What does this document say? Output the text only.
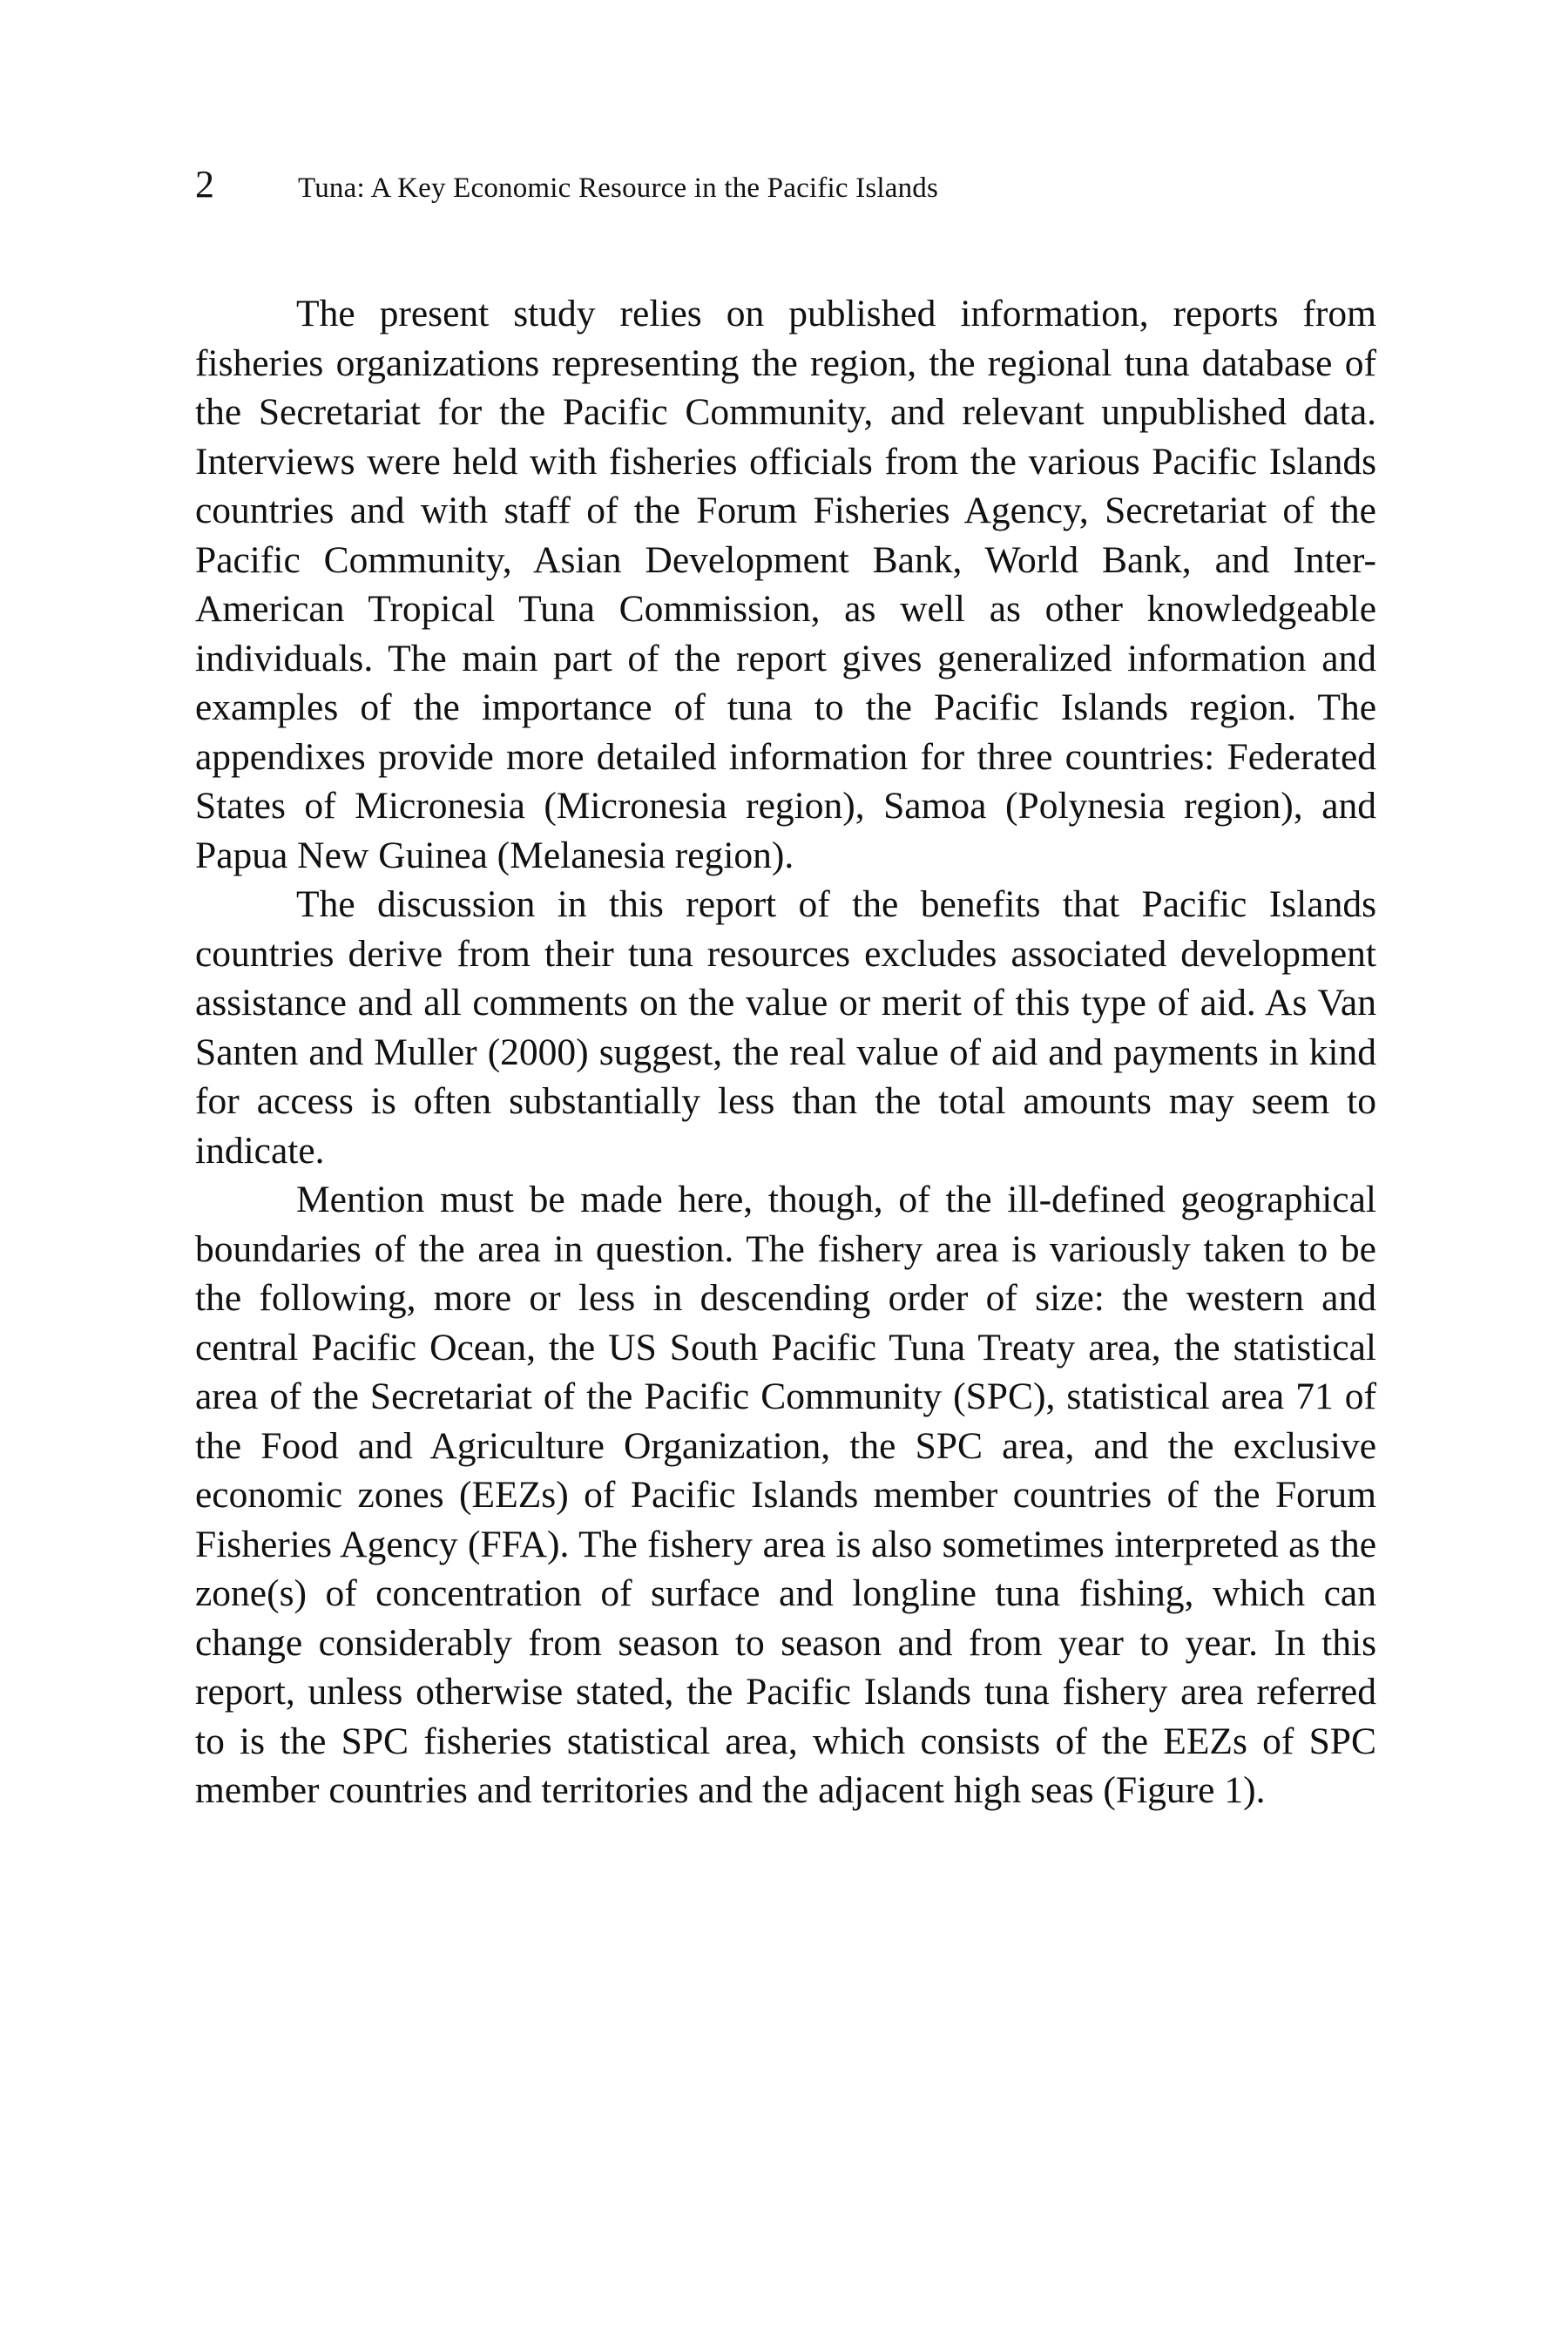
2	Tuna: A Key Economic Resource in the Pacific Islands

The present study relies on published information, reports from fisheries organizations representing the region, the regional tuna database of the Secretariat for the Pacific Community, and relevant unpublished data. Interviews were held with fisheries officials from the various Pacific Islands countries and with staff of the Forum Fisheries Agency, Secretariat of the Pacific Community, Asian Development Bank, World Bank, and Inter-American Tropical Tuna Commission, as well as other knowledgeable individuals. The main part of the report gives generalized information and examples of the importance of tuna to the Pacific Islands region. The appendixes provide more detailed information for three countries: Federated States of Micronesia (Micronesia region), Samoa (Polynesia region), and Papua New Guinea (Melanesia region).

The discussion in this report of the benefits that Pacific Islands countries derive from their tuna resources excludes associated development assistance and all comments on the value or merit of this type of aid. As Van Santen and Muller (2000) suggest, the real value of aid and payments in kind for access is often substantially less than the total amounts may seem to indicate.

Mention must be made here, though, of the ill-defined geographical boundaries of the area in question. The fishery area is variously taken to be the following, more or less in descending order of size: the western and central Pacific Ocean, the US South Pacific Tuna Treaty area, the statistical area of the Secretariat of the Pacific Community (SPC), statistical area 71 of the Food and Agriculture Organization, the SPC area, and the exclusive economic zones (EEZs) of Pacific Islands member countries of the Forum Fisheries Agency (FFA). The fishery area is also sometimes interpreted as the zone(s) of concentration of surface and longline tuna fishing, which can change considerably from season to season and from year to year. In this report, unless otherwise stated, the Pacific Islands tuna fishery area referred to is the SPC fisheries statistical area, which consists of the EEZs of SPC member countries and territories and the adjacent high seas (Figure 1).
